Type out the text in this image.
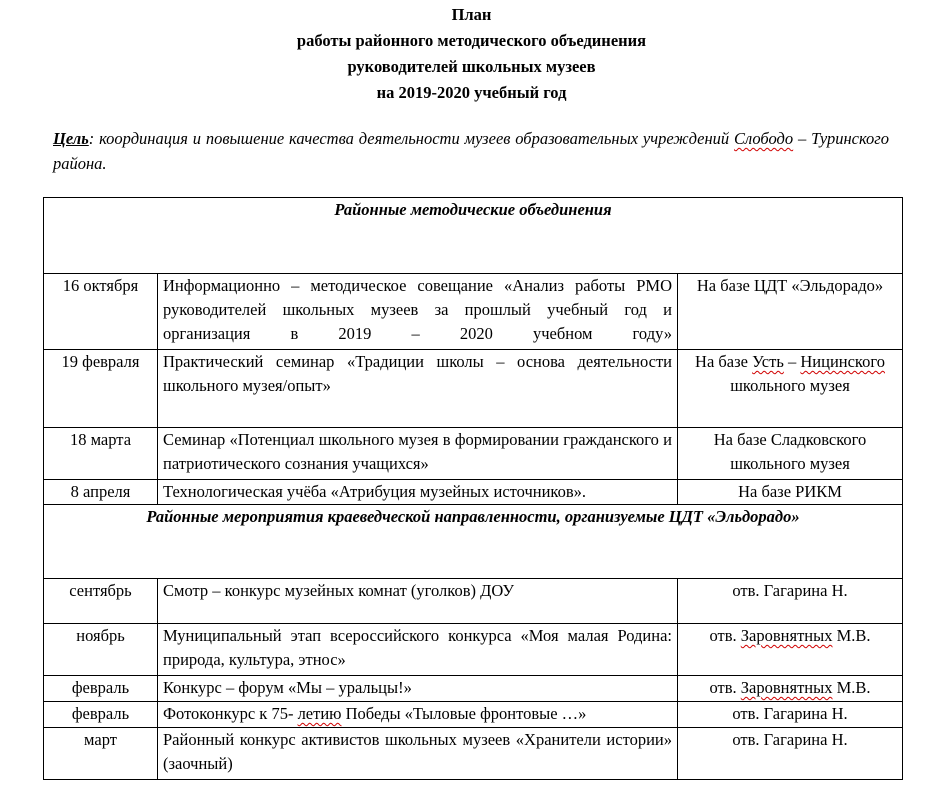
План
работы районного методического объединения
руководителей школьных музеев
на 2019-2020 учебный год
Цель: координация и повышение качества деятельности музеев образовательных учреждений Слободо – Туринского района.
Районные методические объединения		
16 октября	Информационно – методическое совещание «Анализ работы РМО руководителей школьных музеев за прошлый учебный год и организация в 2019 – 2020 учебном году»	На базе ЦДТ «Эльдорадо»
19 февраля	Практический семинар «Традиции школы – основа деятельности школьного музея/опыт»	На базе Усть – Ницинского школьного музея
18 марта	Семинар «Потенциал школьного музея в формировании гражданского и патриотического сознания учащихся»	На базе Сладковского школьного музея
8 апреля	Технологическая учёба «Атрибуция музейных источников».	На базе РИКМ
Районные мероприятия краеведческой направленности, организуемые ЦДТ «Эльдорадо»		
сентябрь	Смотр – конкурс музейных комнат (уголков) ДОУ	отв. Гагарина Н.
ноябрь	Муниципальный этап всероссийского конкурса «Моя малая Родина: природа, культура, этнос»	отв. Заровнятных М.В.
февраль	Конкурс – форум «Мы – уральцы!»	отв. Заровнятных М.В.
февраль	Фотоконкурс к 75- летию Победы «Тыловые фронтовые …»	отв. Гагарина Н.
март	Районный конкурс активистов школьных музеев «Хранители истории» (заочный)	отв. Гагарина Н.
